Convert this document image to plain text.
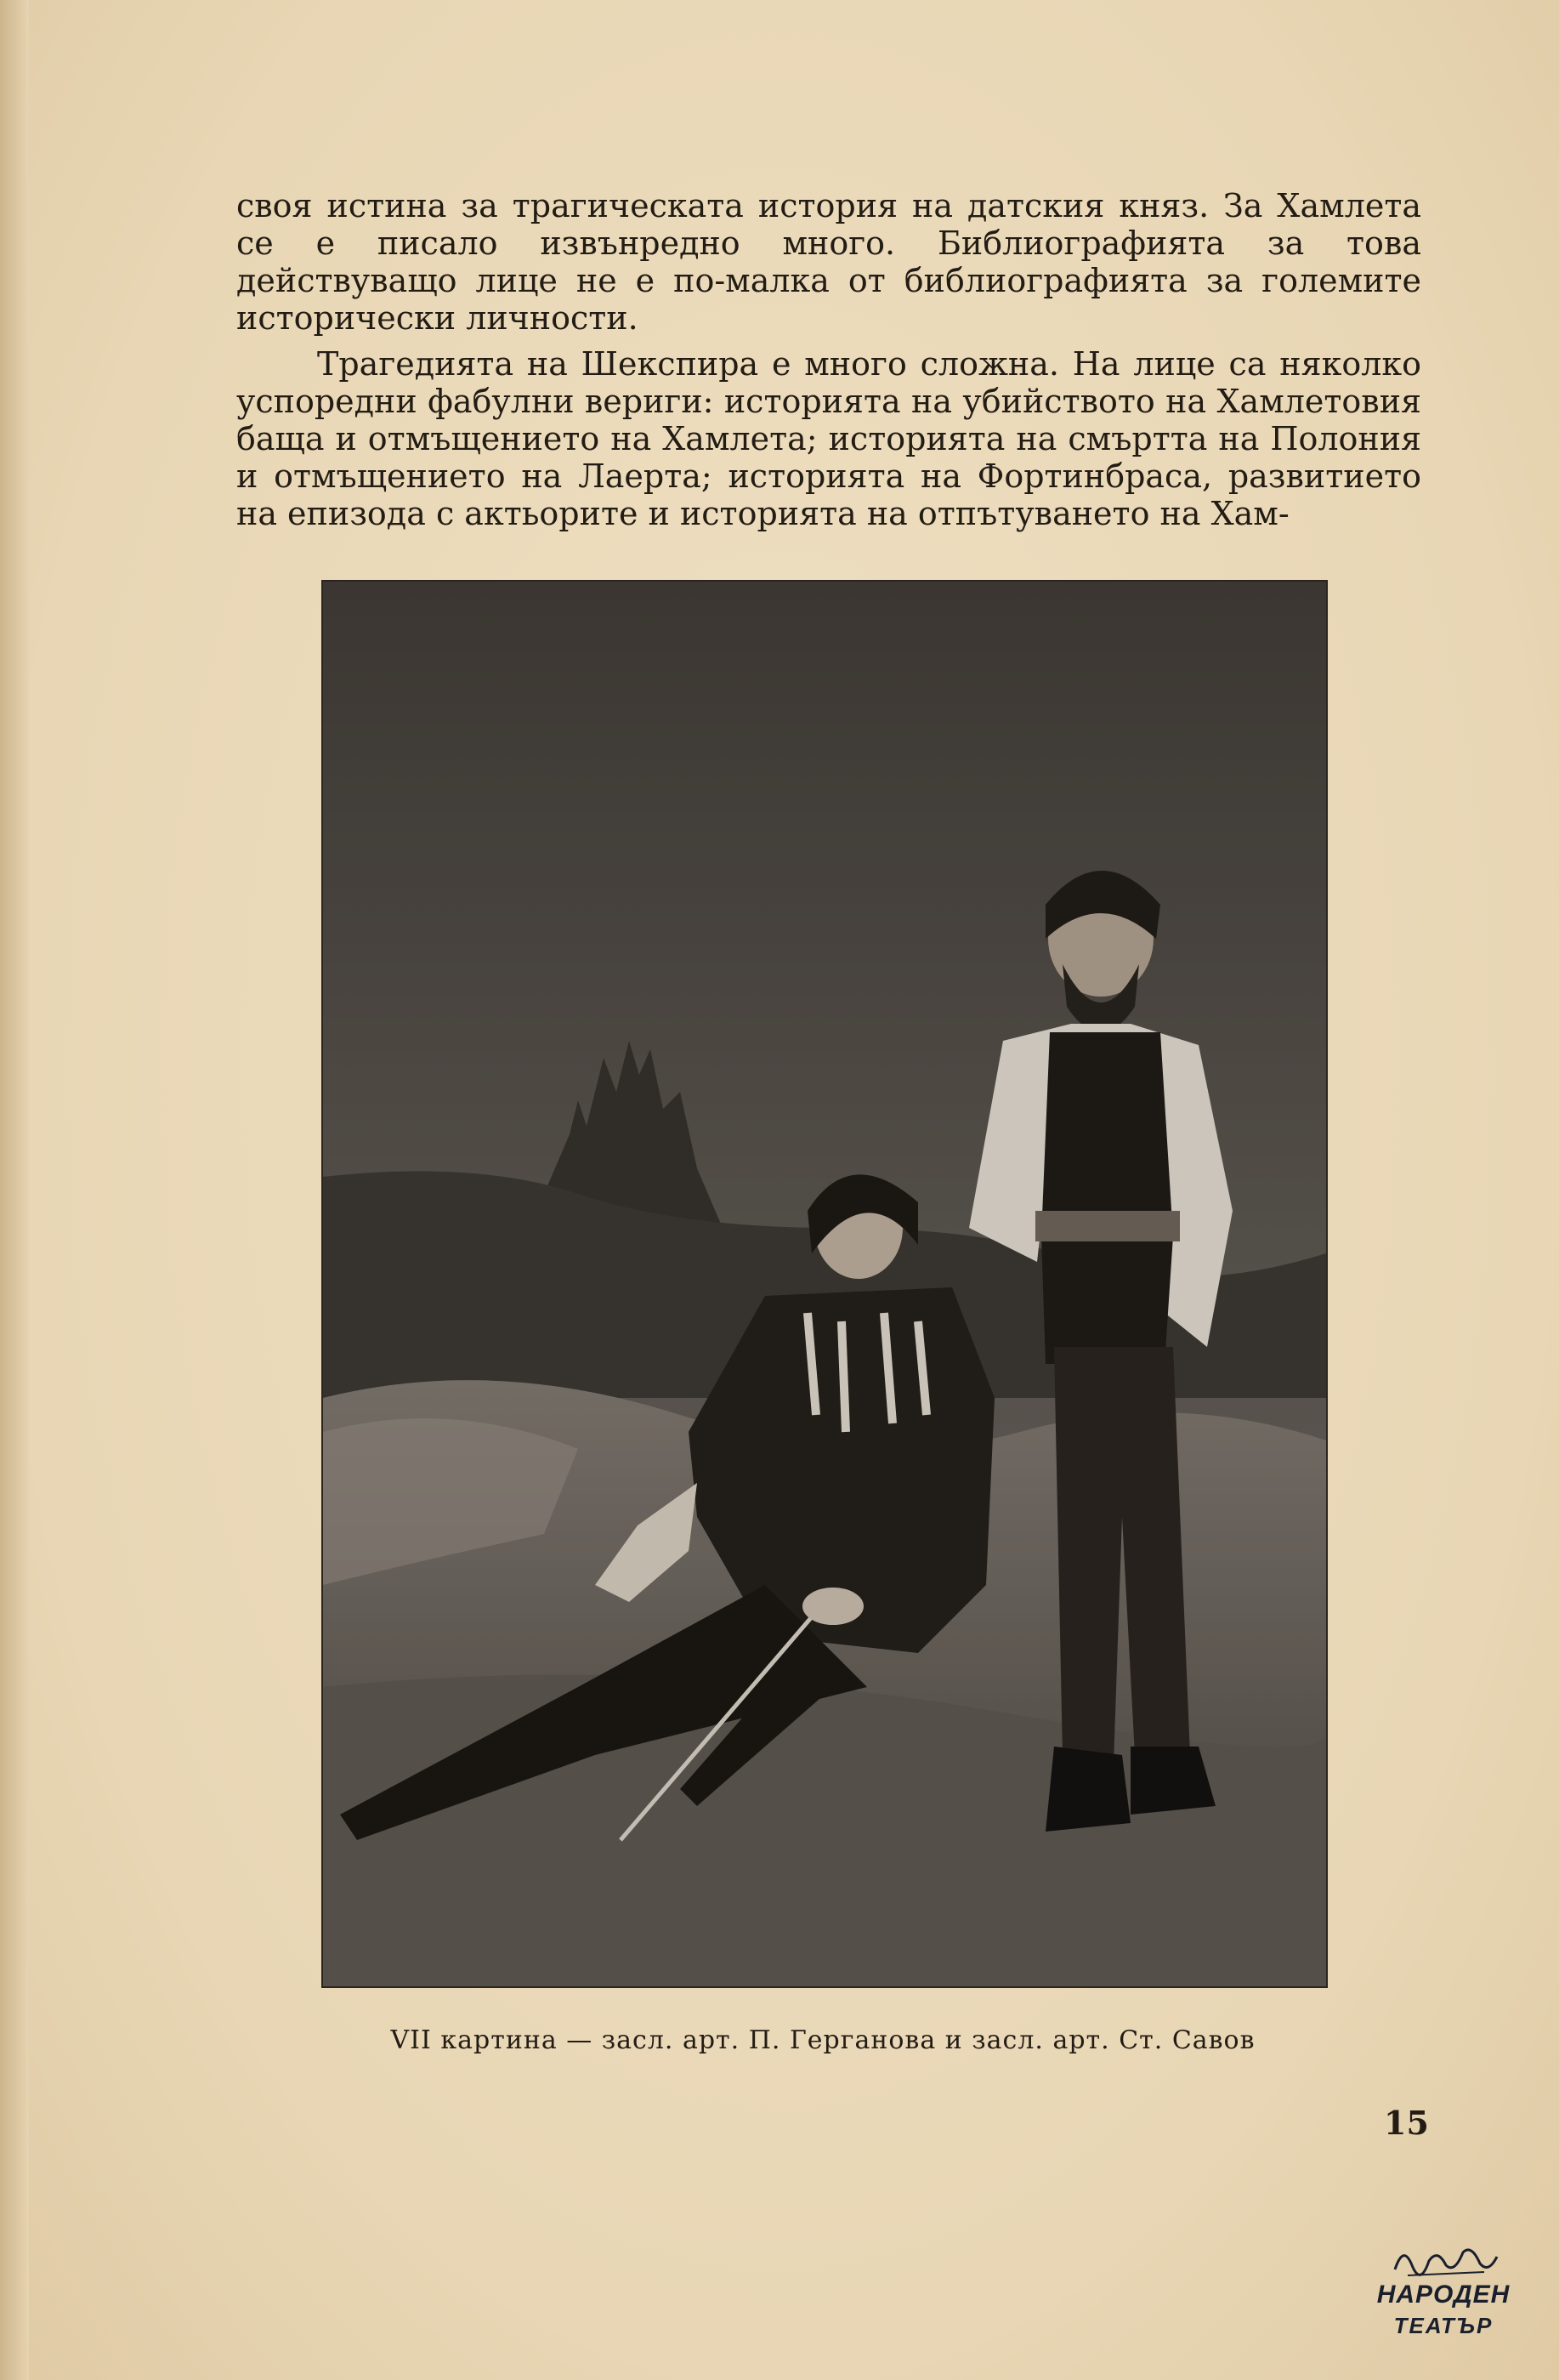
своя истина за трагическата история на датския княз. За Хамлета се е писало извънредно много. Библиографията за това действуващо лице не е по-малка от библиографията за големите исторически личности.

Трагедията на Шекспира е много сложна. На лице са няколко успоредни фабулни вериги: историята на убийството на Хамлетовия баща и отмъщението на Хамлета; историята на смъртта на Полония и отмъщението на Лаерта; историята на Фортинбраса, развитието на епизода с актьорите и историята на отпътуването на Хам-

VII картина — засл. арт. П. Герганова и засл. арт. Ст. Савов
15
НАРОДЕН
ТЕАТЪР
